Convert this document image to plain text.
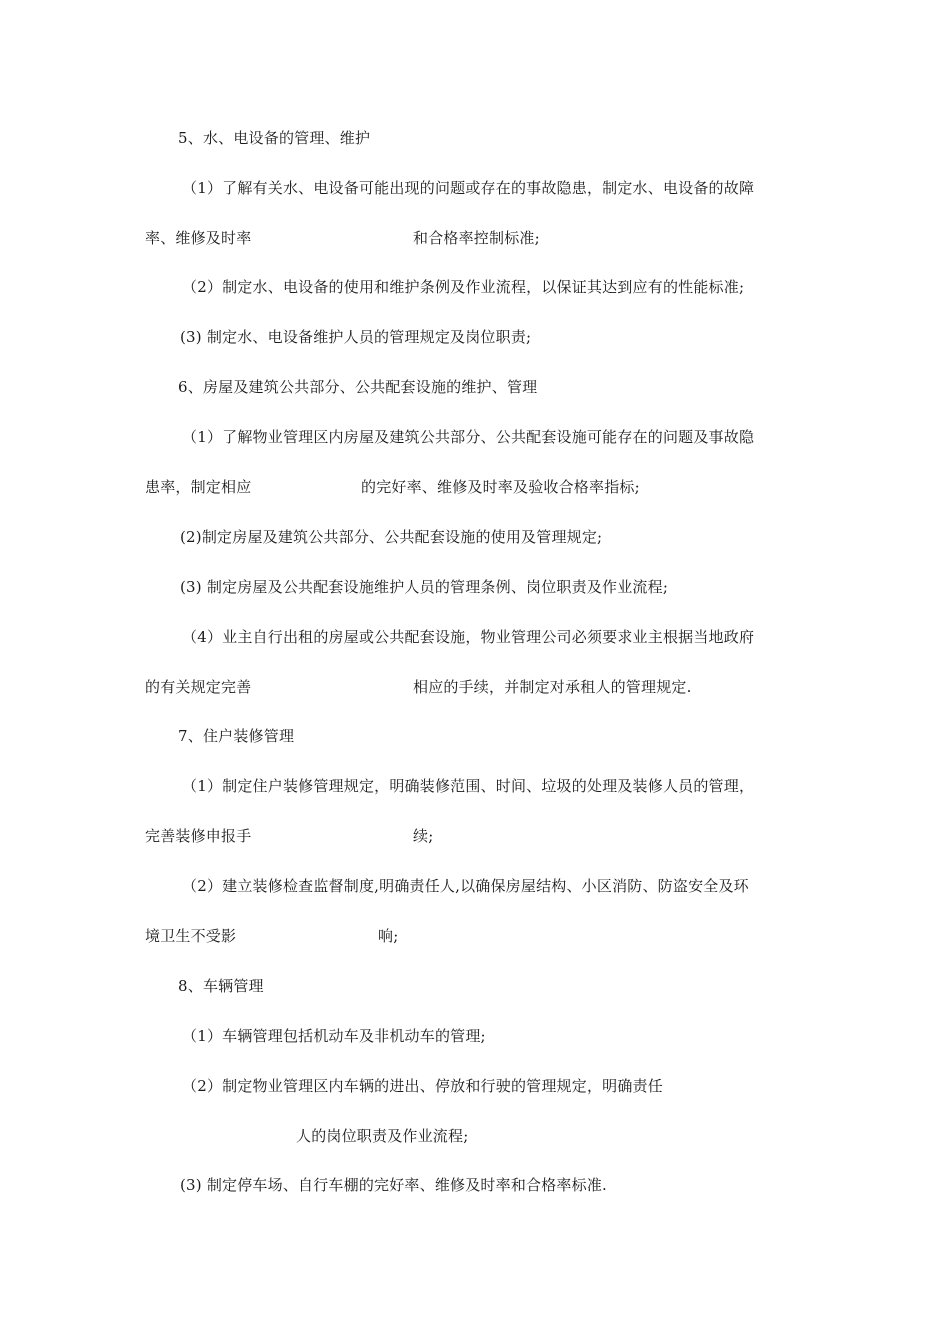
5、水、电设备的管理、维护
（1）了解有关水、电设备可能出现的问题或存在的事故隐患，制定水、电设备的故障
率、维修及时率	和合格率控制标准;
（2）制定水、电设备的使用和维护条例及作业流程，以保证其达到应有的性能标准;
(3) 制定水、电设备维护人员的管理规定及岗位职责;
6、房屋及建筑公共部分、公共配套设施的维护、管理
（1）了解物业管理区内房屋及建筑公共部分、公共配套设施可能存在的问题及事故隐
患率，制定相应	的完好率、维修及时率及验收合格率指标;
(2)制定房屋及建筑公共部分、公共配套设施的使用及管理规定;
(3) 制定房屋及公共配套设施维护人员的管理条例、岗位职责及作业流程;
（4）业主自行出租的房屋或公共配套设施，物业管理公司必须要求业主根据当地政府
的有关规定完善	相应的手续，并制定对承租人的管理规定.
7、住户装修管理
（1）制定住户装修管理规定，明确装修范围、时间、垃圾的处理及装修人员的管理，
完善装修申报手	续;
（2）建立装修检查监督制度,明确责任人,以确保房屋结构、小区消防、防盗安全及环
境卫生不受影	响;
8、车辆管理
（1）车辆管理包括机动车及非机动车的管理;
（2）制定物业管理区内车辆的进出、停放和行驶的管理规定，明确责任
人的岗位职责及作业流程;
(3) 制定停车场、自行车棚的完好率、维修及时率和合格率标准.
